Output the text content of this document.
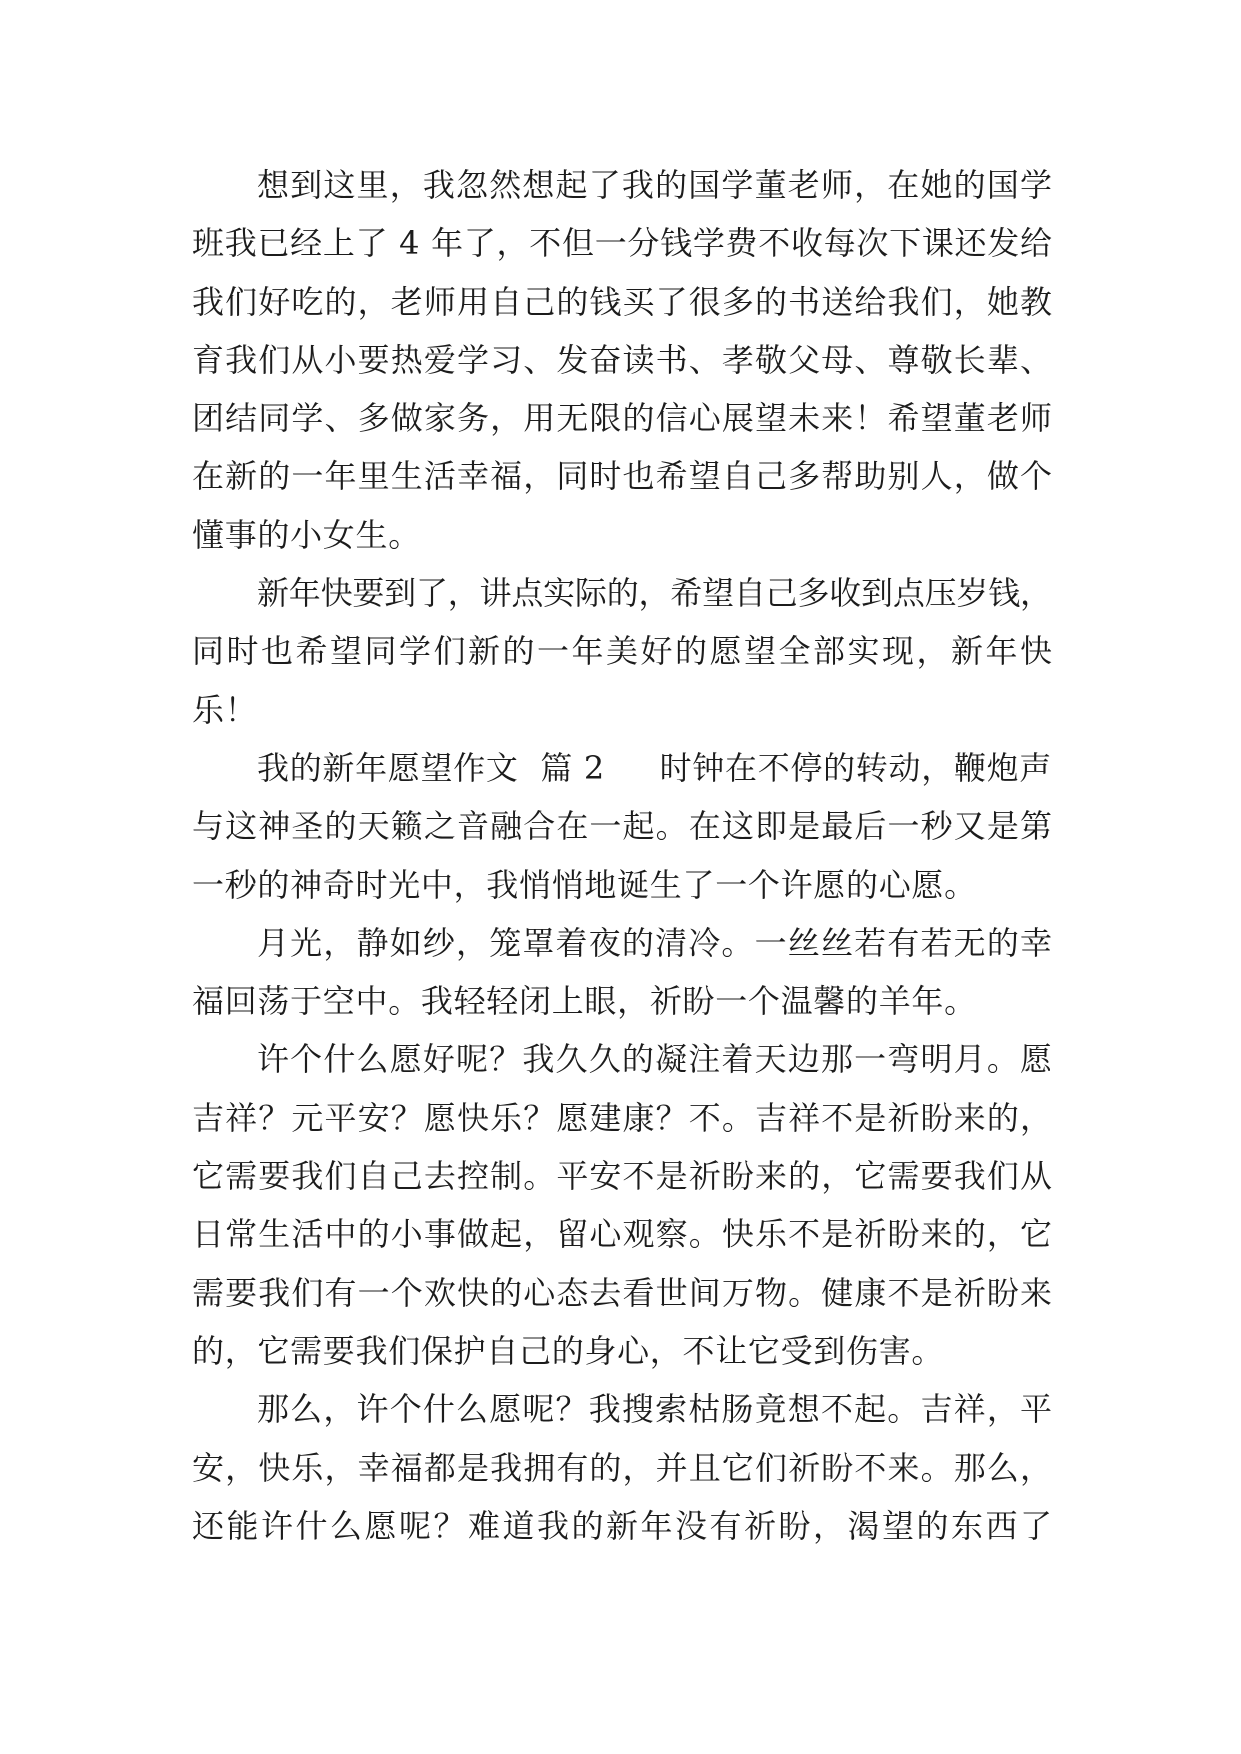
想到这里，我忽然想起了我的国学董老师，在她的国学
班我已经上了 4 年了，不但一分钱学费不收每次下课还发给
我们好吃的，老师用自己的钱买了很多的书送给我们，她教
育我们从小要热爱学习、发奋读书、孝敬父母、尊敬长辈、
团结同学、多做家务，用无限的信心展望未来！希望董老师
在新的一年里生活幸福，同时也希望自己多帮助别人，做个
懂事的小女生。
新年快要到了，讲点实际的，希望自己多收到点压岁钱，
同时也希望同学们新的一年美好的愿望全部实现，新年快
乐！
我的新年愿望作文  篇 2 时钟在不停的转动，鞭炮声
与这神圣的天籁之音融合在一起。在这即是最后一秒又是第
一秒的神奇时光中，我悄悄地诞生了一个许愿的心愿。
月光，静如纱，笼罩着夜的清冷。一丝丝若有若无的幸
福回荡于空中。我轻轻闭上眼，祈盼一个温馨的羊年。
许个什么愿好呢？我久久的凝注着天边那一弯明月。愿
吉祥？元平安？愿快乐？愿建康？不。吉祥不是祈盼来的，
它需要我们自己去控制。平安不是祈盼来的，它需要我们从
日常生活中的小事做起，留心观察。快乐不是祈盼来的，它
需要我们有一个欢快的心态去看世间万物。健康不是祈盼来
的，它需要我们保护自己的身心，不让它受到伤害。
那么，许个什么愿呢？我搜索枯肠竟想不起。吉祥，平
安，快乐，幸福都是我拥有的，并且它们祈盼不来。那么，
还能许什么愿呢？难道我的新年没有祈盼，渴望的东西了
